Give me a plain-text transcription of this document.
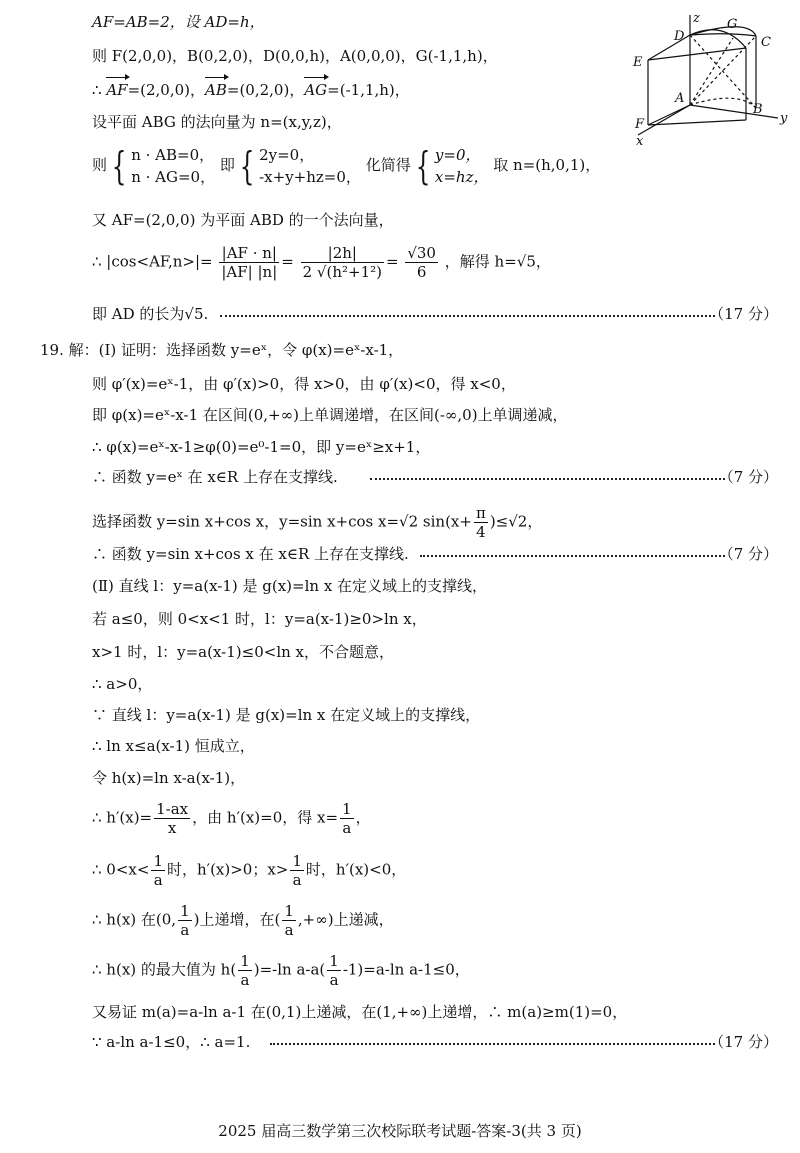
z
D
G
C
E
A
B
y
F
x
AF=AB=2，设 AD=h，
则 F(2,0,0)，B(0,2,0)，D(0,0,h)，A(0,0,0)，G(-1,1,h)，
∴ AF=(2,0,0)，AB=(0,2,0)，AG=(-1,1,h)，
设平面 ABG 的法向量为 n=(x,y,z)，
则 { n · AB=0，
n · AG=0，
即 { 2y=0，
-x+y+hz=0，
化简得 { y=0，
x=hz，
取 n=(h,0,1)，
又 AF=(2,0,0) 为平面 ABD 的一个法向量，
∴ $|\cos<AF,n>|= \frac{|AF \cdot n|}{|AF| |n|} = \frac{|2h|}{\text{2 √(h²+1²)}} = \frac{√30}{6}$ ，解得 h=√5，
即 AD 的长为√5.	（17 分）
19. 解：(Ⅰ) 证明：选择函数 y=eˣ，令 φ(x)=eˣ-x-1，
则 φ′(x)=eˣ-1，由 φ′(x)>0，得 x>0，由 φ′(x)<0，得 x<0，
即 φ(x)=eˣ-x-1 在区间(0,+∞)上单调递增，在区间(-∞,0)上单调递减，
∴ φ(x)=eˣ-x-1≥φ(0)=e⁰-1=0，即 y=eˣ≥x+1，
∴ 函数 y=eˣ 在 x∈R 上存在支撑线.	（7 分）
选择函数 y=sin x+cos x，y=sin x+cos x=√2 $\sin(x+ \frac{\pi}{4} )\le√2$，
∴ 函数 y=sin x+cos x 在 x∈R 上存在支撑线.	（7 分）
(Ⅱ) 直线 l：y=a(x-1) 是 g(x)=ln x 在定义域上的支撑线，
若 a≤0，则 0<x<1 时，l：y=a(x-1)≥0>ln x，
x>1 时，l：y=a(x-1)≤0<ln x，不合题意，
∴ a>0，
∵ 直线 l：y=a(x-1) 是 g(x)=ln x 在定义域上的支撑线，
∴ ln x≤a(x-1) 恒成立，
令 h(x)=ln x-a(x-1)，
∴ $h'(x)= \frac{1-ax}{x}$ ，由 h′(x)=0，得 $x= \frac{1}{a}$ ，
∴ $0<x< \frac{1}{a}$ 时，h′(x)>0；$x> \frac{1}{a}$ 时，h′(x)<0，
∴ h(x) 在(0, $\frac{1}{a}$ )上递增，在( $\frac{1}{a}$ ,+∞)上递减，
∴ h(x) 的最大值为 $h( \frac{1}{a} )=-\ln$ $a-a( \frac{1}{a} -1)=a-\ln$ a-1≤0，
又易证 m(a)=a-ln a-1 在(0,1)上递减，在(1,+∞)上递增，∴ m(a)≥m(1)=0，
∵ a-ln a-1≤0，∴ a=1.	（17 分）
2025 届高三数学第三次校际联考试题-答案-3(共 3 页)
